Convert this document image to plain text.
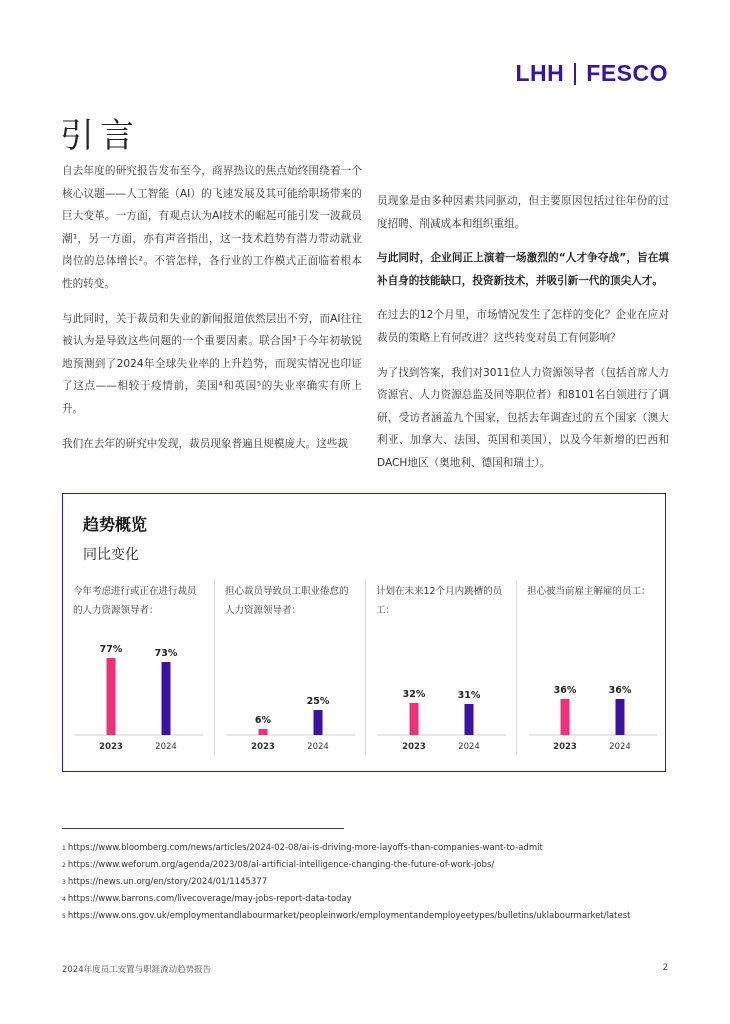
LHH FESCO
引言

自去年度的研究报告发布至今，商界热议的焦点始终围绕着一个核心议题——人工智能（AI）的飞速发展及其可能给职场带来的巨大变革。一方面，有观点认为AI技术的崛起可能引发一波裁员潮¹，另一方面，亦有声音指出，这一技术趋势有潜力带动就业岗位的总体增长²。不管怎样，各行业的工作模式正面临着根本性的转变。

与此同时，关于裁员和失业的新闻报道依然层出不穷，而AI往往被认为是导致这些问题的一个重要因素。联合国³于今年初敏锐地预测到了2024年全球失业率的上升趋势，而现实情况也印证了这点——相较于疫情前，美国⁴和英国⁵的失业率确实有所上升。

我们在去年的研究中发现，裁员现象普遍且规模庞大。这些裁

员现象是由多种因素共同驱动，但主要原因包括过往年份的过度招聘、削减成本和组织重组。

与此同时，企业间正上演着一场激烈的“人才争夺战”，旨在填补自身的技能缺口，投资新技术，并吸引新一代的顶尖人才。

在过去的12个月里，市场情况发生了怎样的变化？企业在应对裁员的策略上有何改进？这些转变对员工有何影响？

为了找到答案，我们对3011位人力资源领导者（包括首席人力资源官、人力资源总监及同等职位者）和8101名白领进行了调研，受访者涵盖九个国家，包括去年调查过的五个国家（澳大利亚、加拿大、法国、英国和美国），以及今年新增的巴西和DACH地区（奥地利、德国和瑞士）。

趋势概览
同比变化
今年考虑进行或正在进行裁员的人力资源领导者：
77%
2023
73%
2024
担心裁员导致员工职业倦怠的人力资源领导者：
6%
2023
25%
2024
计划在未来12个月内跳槽的员工：
32%
2023
31%
2024
担心被当前雇主解雇的员工：
36%
2023
36%
2024
$^1$ https://www.bloomberg.com/news/articles/2024-02-08/ai-is-driving-more-layoffs-than-companies-want-to-admit
$^2$ https://www.weforum.org/agenda/2023/08/ai-artificial-intelligence-changing-the-future-of-work-jobs/
$^3$ https://news.un.org/en/story/2024/01/1145377
$^4$ https://www.barrons.com/livecoverage/may-jobs-report-data-today
$^5$ https://www.ons.gov.uk/employmentandlabourmarket/peopleinwork/employmentandemployeetypes/bulletins/uklabourmarket/latest
2024年度员工安置与职涯流动趋势报告	2
